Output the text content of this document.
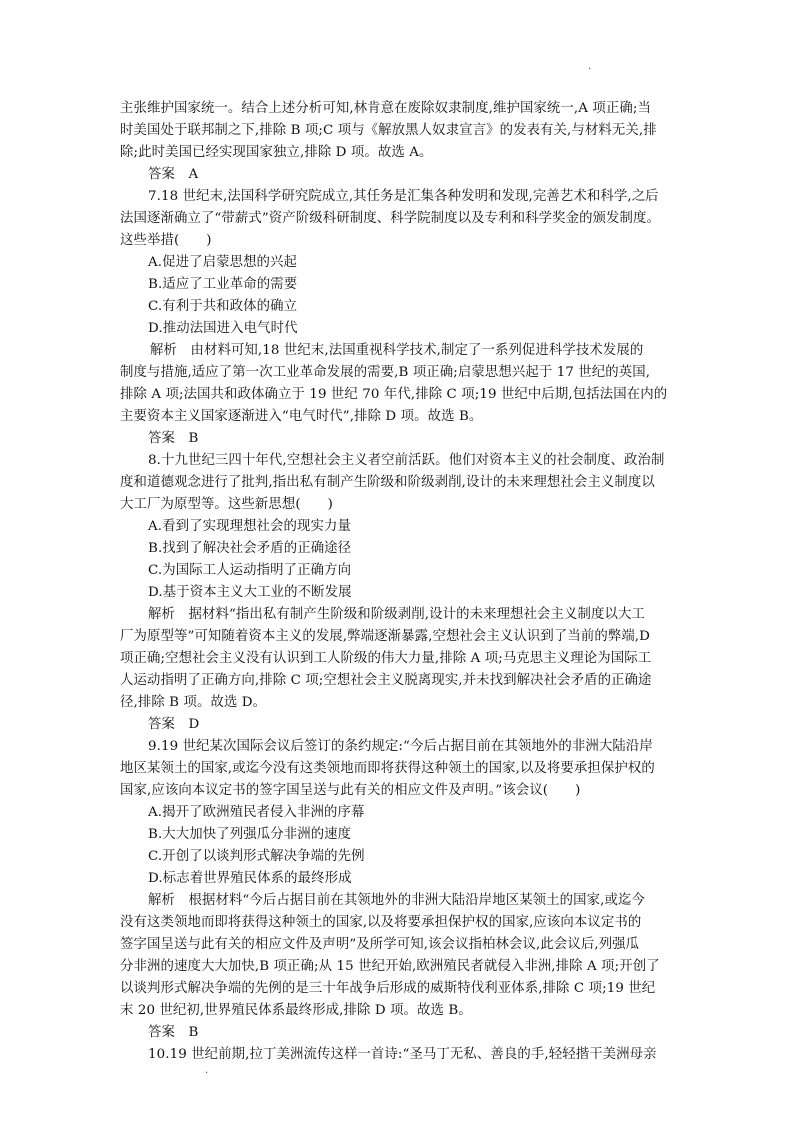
·
主张维护国家统一。结合上述分析可知,林肯意在废除奴隶制度,维护国家统一,A 项正确;当
时美国处于联邦制之下,排除 B 项;C 项与《解放黑人奴隶宣言》的发表有关,与材料无关,排
除;此时美国已经实现国家独立,排除 D 项。故选 A。
答案　A
7.18 世纪末,法国科学研究院成立,其任务是汇集各种发明和发现,完善艺术和科学,之后
法国逐渐确立了“带薪式”资产阶级科研制度、科学院制度以及专利和科学奖金的颁发制度。
这些举措(　　)
A.促进了启蒙思想的兴起
B.适应了工业革命的需要
C.有利于共和政体的确立
D.推动法国进入电气时代
解析　由材料可知,18 世纪末,法国重视科学技术,制定了一系列促进科学技术发展的
制度与措施,适应了第一次工业革命发展的需要,B 项正确;启蒙思想兴起于 17 世纪的英国,
排除 A 项;法国共和政体确立于 19 世纪 70 年代,排除 C 项;19 世纪中后期,包括法国在内的
主要资本主义国家逐渐进入“电气时代”,排除 D 项。故选 B。
答案　B
8.十九世纪三四十年代,空想社会主义者空前活跃。他们对资本主义的社会制度、政治制
度和道德观念进行了批判,指出私有制产生阶级和阶级剥削,设计的未来理想社会主义制度以
大工厂为原型等。这些新思想(　　)
A.看到了实现理想社会的现实力量
B.找到了解决社会矛盾的正确途径
C.为国际工人运动指明了正确方向
D.基于资本主义大工业的不断发展
解析　据材料“指出私有制产生阶级和阶级剥削,设计的未来理想社会主义制度以大工
厂为原型等”可知随着资本主义的发展,弊端逐渐暴露,空想社会主义认识到了当前的弊端,D
项正确;空想社会主义没有认识到工人阶级的伟大力量,排除 A 项;马克思主义理论为国际工
人运动指明了正确方向,排除 C 项;空想社会主义脱离现实,并未找到解决社会矛盾的正确途
径,排除 B 项。故选 D。
答案　D
9.19 世纪某次国际会议后签订的条约规定:“今后占据目前在其领地外的非洲大陆沿岸
地区某领土的国家,或迄今没有这类领地而即将获得这种领土的国家,以及将要承担保护权的
国家,应该向本议定书的签字国呈送与此有关的相应文件及声明。”该会议(　　)
A.揭开了欧洲殖民者侵入非洲的序幕
B.大大加快了列强瓜分非洲的速度
C.开创了以谈判形式解决争端的先例
D.标志着世界殖民体系的最终形成
解析　根据材料“今后占据目前在其领地外的非洲大陆沿岸地区某领土的国家,或迄今
没有这类领地而即将获得这种领土的国家,以及将要承担保护权的国家,应该向本议定书的
签字国呈送与此有关的相应文件及声明”及所学可知,该会议指柏林会议,此会议后,列强瓜
分非洲的速度大大加快,B 项正确;从 15 世纪开始,欧洲殖民者就侵入非洲,排除 A 项;开创了
以谈判形式解决争端的先例的是三十年战争后形成的威斯特伐利亚体系,排除 C 项;19 世纪
末 20 世纪初,世界殖民体系最终形成,排除 D 项。故选 B。
答案　B
10.19 世纪前期,拉丁美洲流传这样一首诗:“圣马丁无私、善良的手,轻轻揩干美洲母亲
·
